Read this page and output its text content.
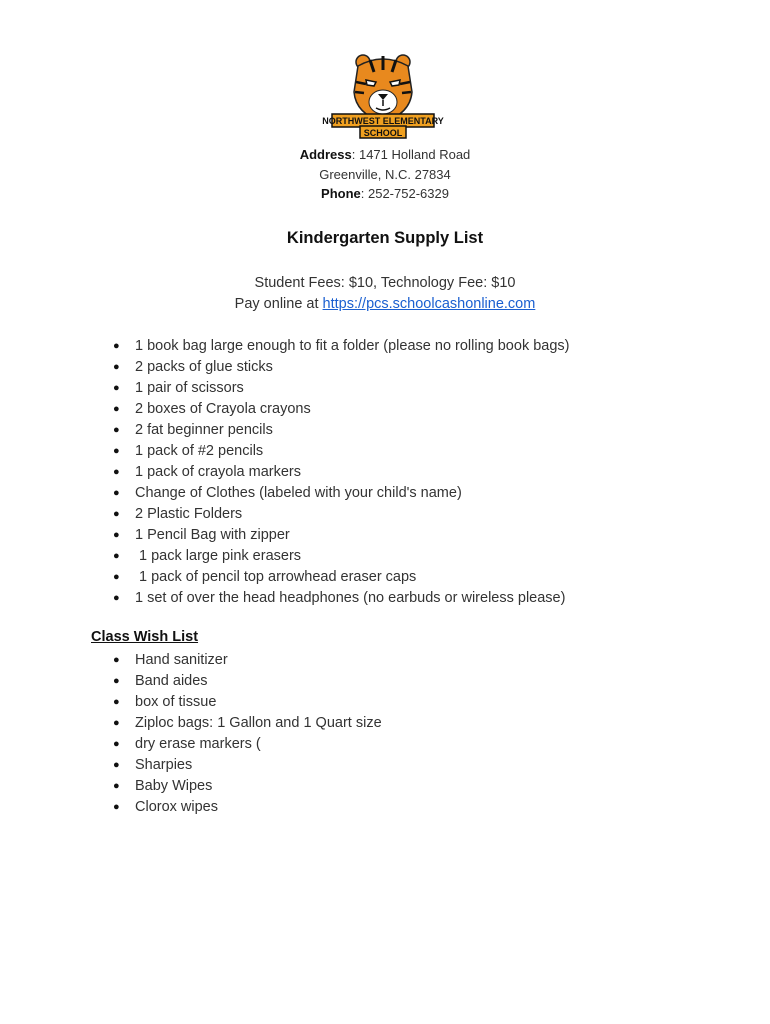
NORTHWEST ELEMENTARY
SCHOOL
Address: 1471 Holland Road
Greenville, N.C. 27834
Phone: 252-752-6329
Kindergarten Supply List
Student Fees: $10, Technology Fee: $10
Pay online at https://pcs.schoolcashonline.com
● 1 book bag large enough to fit a folder (please no rolling book bags)
● 2 packs of glue sticks
● 1 pair of scissors
● 2 boxes of Crayola crayons
● 2 fat beginner pencils
● 1 pack of #2 pencils
● 1 pack of crayola markers
● Change of Clothes (labeled with your child's name)
● 2 Plastic Folders
● 1 Pencil Bag with zipper
● 1 pack large pink erasers
● 1 pack of pencil top arrowhead eraser caps
● 1 set of over the head headphones (no earbuds or wireless please)
Class Wish List
● Hand sanitizer
● Band aides
● box of tissue
● Ziploc bags: 1 Gallon and 1 Quart size
● dry erase markers (
● Sharpies
● Baby Wipes
● Clorox wipes
